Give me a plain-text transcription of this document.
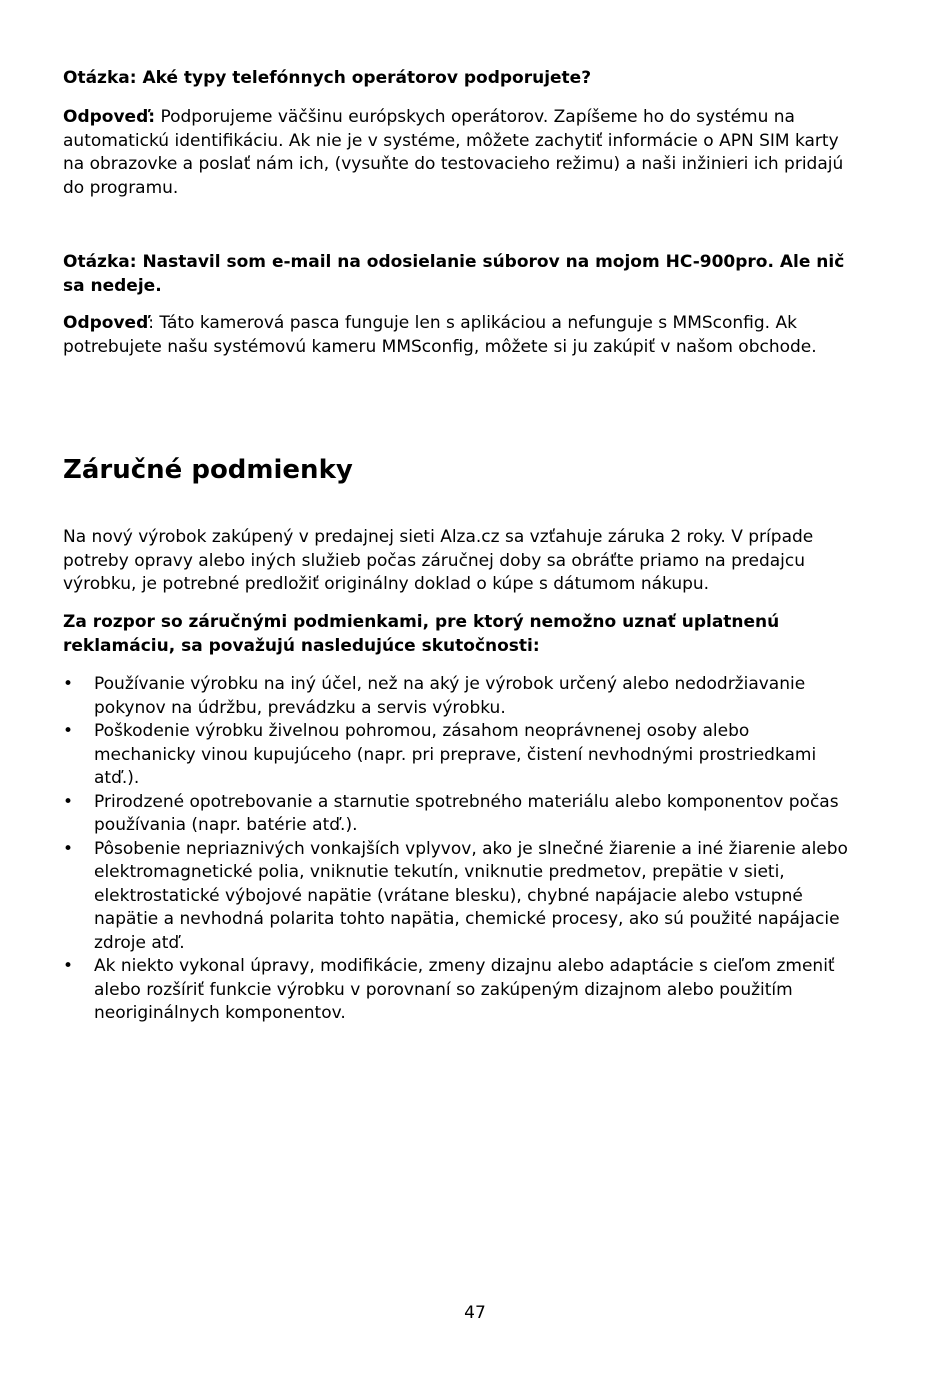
Otázka: Aké typy telefónnych operátorov podporujete?

Odpoveď: Podporujeme väčšinu európskych operátorov. Zapíšeme ho do systému na automatickú identifikáciu. Ak nie je v systéme, môžete zachytiť informácie o APN SIM karty na obrazovke a poslať nám ich, (vysuňte do testovacieho režimu) a naši inžinieri ich pridajú do programu.

Otázka: Nastavil som e-mail na odosielanie súborov na mojom HC-900pro. Ale nič sa nedeje.

Odpoveď: Táto kamerová pasca funguje len s aplikáciou a nefunguje s MMSconfig. Ak potrebujete našu systémovú kameru MMSconfig, môžete si ju zakúpiť v našom obchode.

Záručné podmienky

Na nový výrobok zakúpený v predajnej sieti Alza.cz sa vzťahuje záruka 2 roky. V prípade potreby opravy alebo iných služieb počas záručnej doby sa obráťte priamo na predajcu výrobku, je potrebné predložiť originálny doklad o kúpe s dátumom nákupu.

Za rozpor so záručnými podmienkami, pre ktorý nemožno uznať uplatnenú reklamáciu, sa považujú nasledujúce skutočnosti:

• Používanie výrobku na iný účel, než na aký je výrobok určený alebo nedodržiavanie pokynov na údržbu, prevádzku a servis výrobku.
• Poškodenie výrobku živelnou pohromou, zásahom neoprávnenej osoby alebo mechanicky vinou kupujúceho (napr. pri preprave, čistení nevhodnými prostriedkami atď.).
• Prirodzené opotrebovanie a starnutie spotrebného materiálu alebo komponentov počas používania (napr. batérie atď.).
• Pôsobenie nepriaznivých vonkajších vplyvov, ako je slnečné žiarenie a iné žiarenie alebo elektromagnetické polia, vniknutie tekutín, vniknutie predmetov, prepätie v sieti, elektrostatické výbojové napätie (vrátane blesku), chybné napájacie alebo vstupné napätie a nevhodná polarita tohto napätia, chemické procesy, ako sú použité napájacie zdroje atď.
• Ak niekto vykonal úpravy, modifikácie, zmeny dizajnu alebo adaptácie s cieľom zmeniť alebo rozšíriť funkcie výrobku v porovnaní so zakúpeným dizajnom alebo použitím neoriginálnych komponentov.
47
